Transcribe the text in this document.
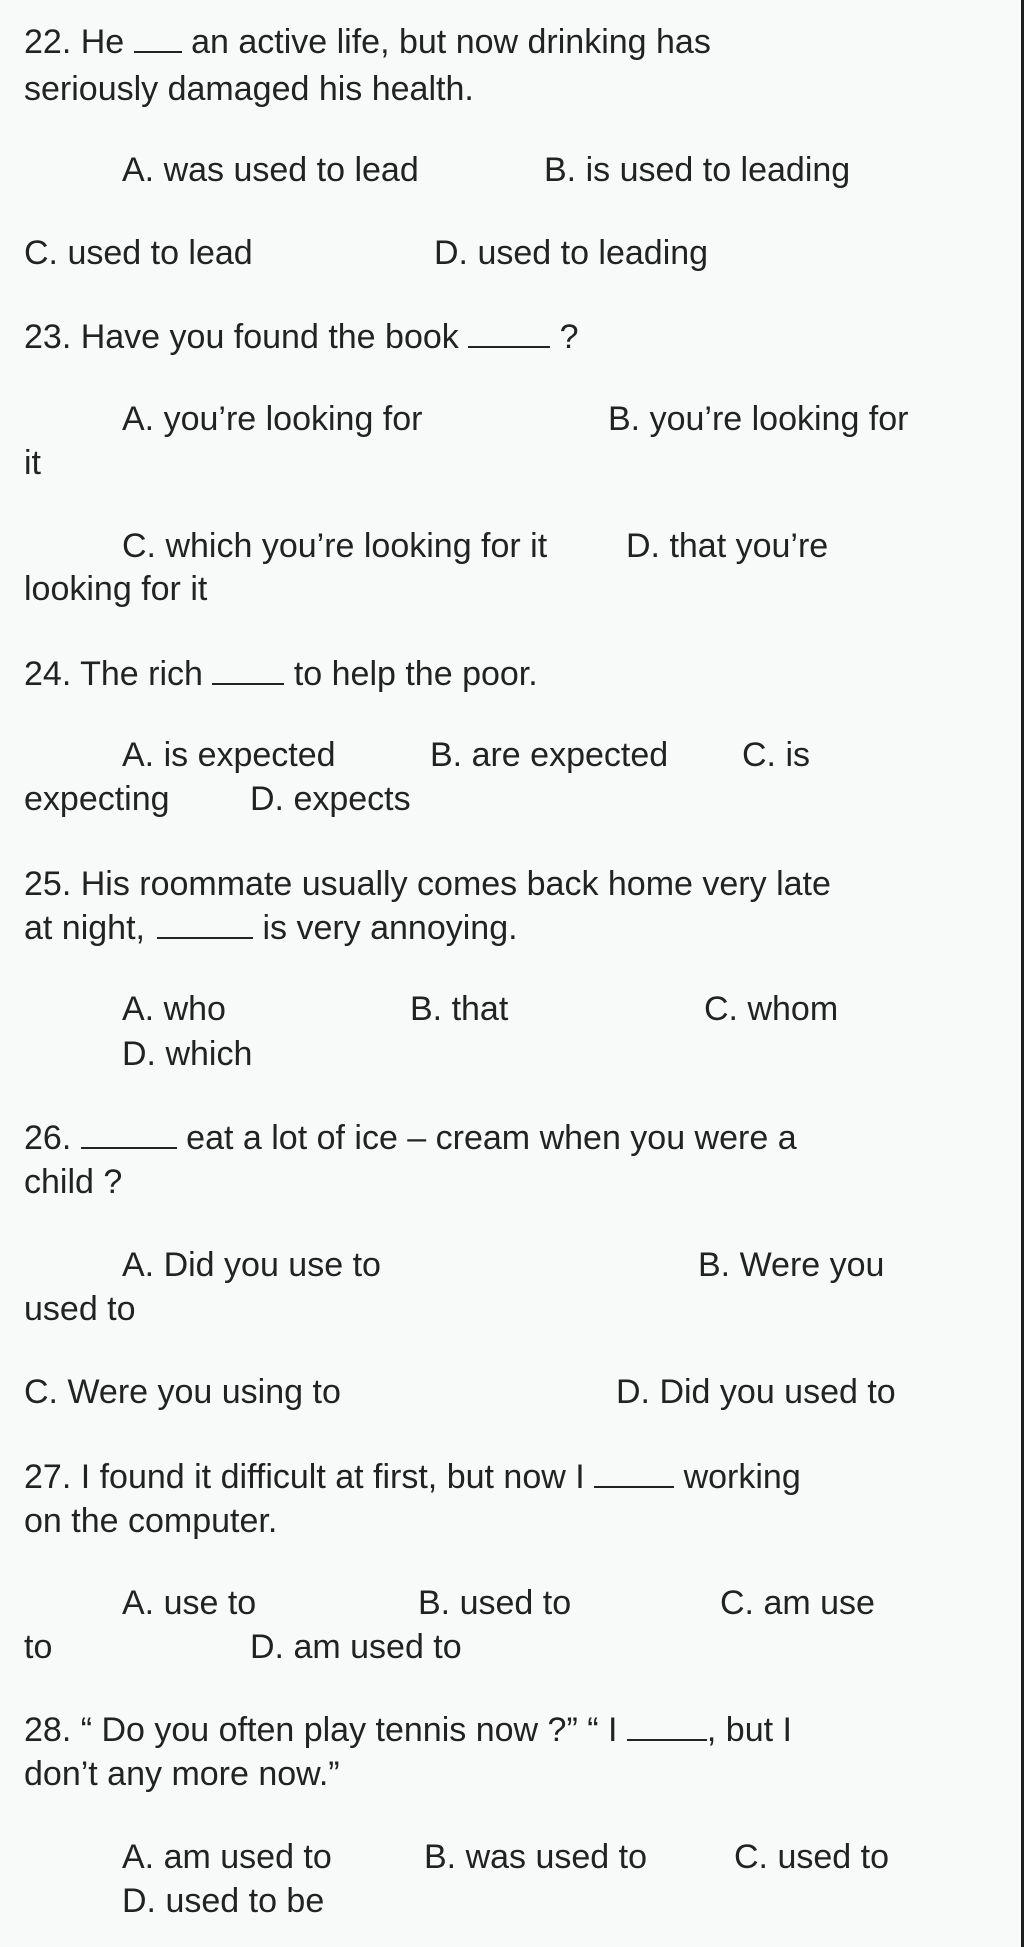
22. He an active life, but now drinking has
seriously damaged his health.
A. was used to lead	B. is used to leading
C. used to lead	D. used to leading
23. Have you found the book	?
A. you’re looking for	B. you’re looking for
it
C. which you’re looking for it D. that you’re
looking for it
24. The rich	to help the poor.
A. is expected	B. are expected C. is
expecting D. expects
25. His roommate usually comes back home very late
at night,	is very annoying.
A. who	B. that	C. whom
D. which
26.	eat a lot of ice – cream when you were a
child ?
A. Did you use to	B. Were you
used to
C. Were you using to	D. Did you used to
27. I found it difficult at first, but now I	working
on the computer.
A. use to	B. used to	C. am use
to	D. am used to
28. “ Do you often play tennis now ?” “ I	, but I
don’t any more now.”
A. am used to	B. was used to	C. used to
D. used to be
